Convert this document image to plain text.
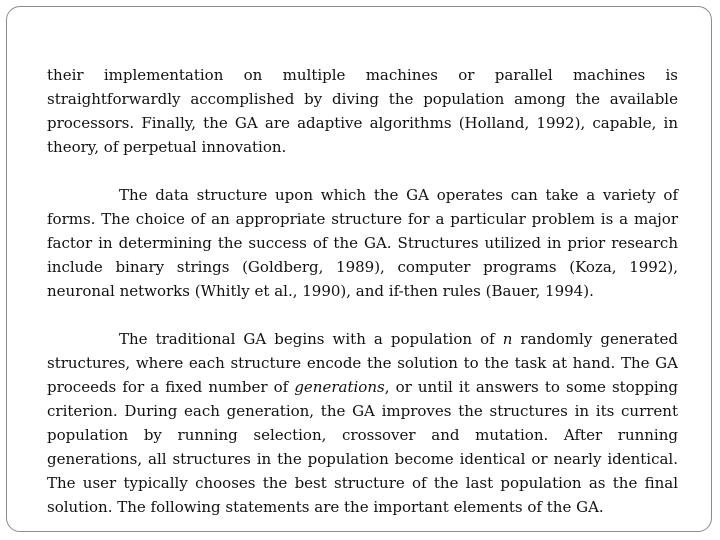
their implementation on multiple machines or parallel machines is straightforwardly accomplished by diving the population among the available processors. Finally, the GA are adaptive algorithms (Holland, 1992), capable, in theory, of perpetual innovation.

The data structure upon which the GA operates can take a variety of forms. The choice of an appropriate structure for a particular problem is a major factor in determining the success of the GA. Structures utilized in prior research include binary strings (Goldberg, 1989), computer programs (Koza, 1992), neuronal networks (Whitly et al., 1990), and if-then rules (Bauer, 1994).

The traditional GA begins with a population of n randomly generated structures, where each structure encode the solution to the task at hand. The GA proceeds for a fixed number of generations, or until it answers to some stopping criterion. During each generation, the GA improves the structures in its current population by running selection, crossover and mutation. After running generations, all structures in the population become identical or nearly identical. The user typically chooses the best structure of the last population as the final solution. The following statements are the important elements of the GA.
